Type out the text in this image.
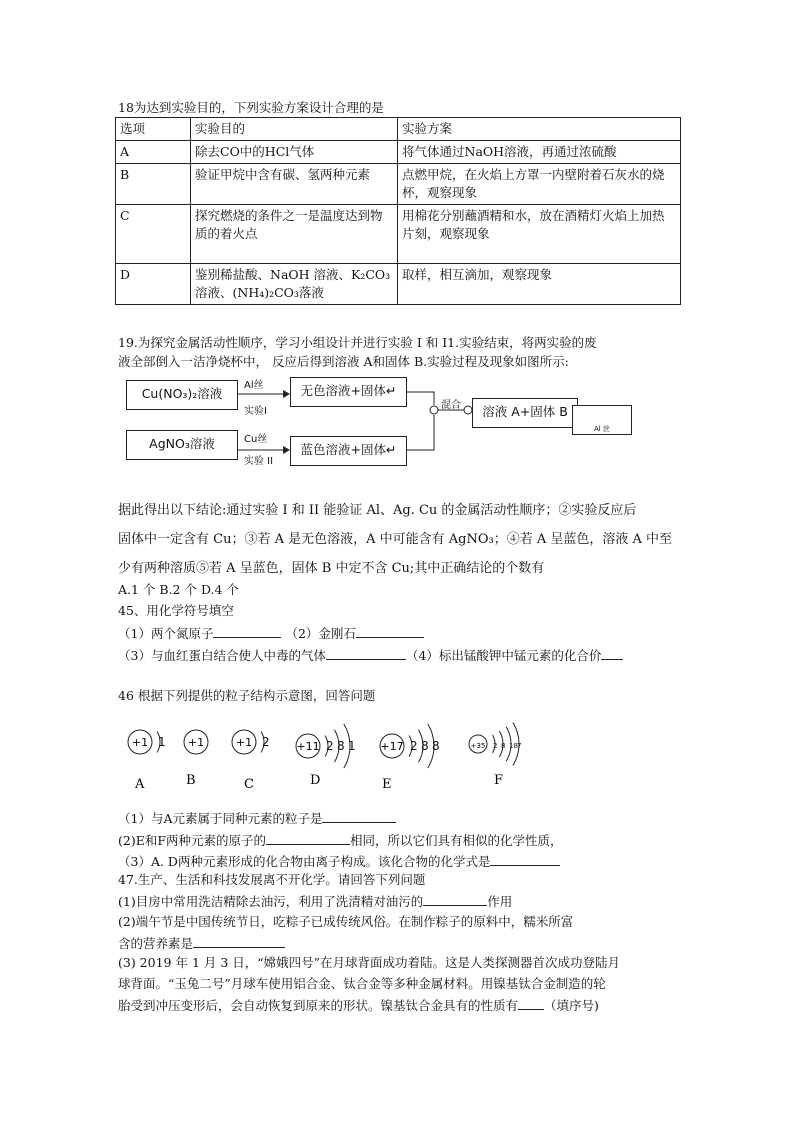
18为达到实验目的，下列实验方案设计合理的是
选项	实验目的	实验方案
A	除去CO中的HCl气体	将气体通过NaOH溶液，再通过浓硫酸
B	验证甲烷中含有碳、氢两种元素	点燃甲烷，在火焰上方罩一内壁附着石灰水的烧杯，观察现象
C	探究燃烧的条件之一是温度达到物质的着火点	用棉花分别蘸酒精和水，放在酒精灯火焰上加热片刻，观察现象
D	鉴别稀盐酸、NaOH 溶液、K₂CO₃溶液、(NH₄)₂CO₃落液	取样，相互滴加，观察现象
19.为探究金属活动性顺序，学习小组设计并进行实验 I 和 I1.实验结束，将两实验的废
液全部倒入一洁净烧杯中， 反应后得到溶液 A和固体 B.实验过程及现象如图所示:
Cu(NO₃)₂溶液
Al丝
实验I
无色溶液+固体↵
AgNO₃溶液	Cu丝
实验 II
蓝色溶液+固体↵
混合	溶液 A+固体 B
Al 丝
据此得出以下结论:通过实验 I 和 II 能验证 Al、Ag. Cu 的金属活动性顺序；②实验反应后
固体中一定含有 Cu；③若 A 是无色溶液，A 中可能含有 AgNO₃；④若 A 呈蓝色，溶液 A 中至
少有两种溶质⑤若 A 呈蓝色，固体 B 中定不含 Cu;其中正确结论的个数有
A.1 个 B.2 个 D.4 个
45、用化学符号填空
（1）两个氮原子	（2）金刚石
（3）与血红蛋白结合使人中毒的气体	（4）标出锰酸钾中锰元素的化合价
46 根据下列提供的粒子结构示意图，回答问题
+1 1
A
+1
B
+1 2
C
+11 2 8 1
D
+17 2 8 8
E
+35 2 8 18 7
F
（1）与A元素属于同种元素的粒子是
(2)E和F两种元素的原子的	相同，所以它们具有相似的化学性质，
（3）A. D两种元素形成的化合物由离子构成。该化合物的化学式是
47.生产、生活和科技发展离不开化学。请回答下列问题
(1)目房中常用洗洁精除去油污，利用了洗清精对油污的	作用
(2)端午节是中国传统节日，吃粽子已成传统风俗。在制作粽子的原料中，糯米所富
含的营养素是
(3) 2019 年 1 月 3 日，“嫦娥四号”在月球背面成功着陆。这是人类探测器首次成功登陆月
球背面。“玉兔二号”月球车使用铝合金、钛合金等多种金属材料。用镍基钛合金制造的轮
胎受到冲压变形后，会自动恢复到原来的形状。镍基钛合金具有的性质有 （填序号)
